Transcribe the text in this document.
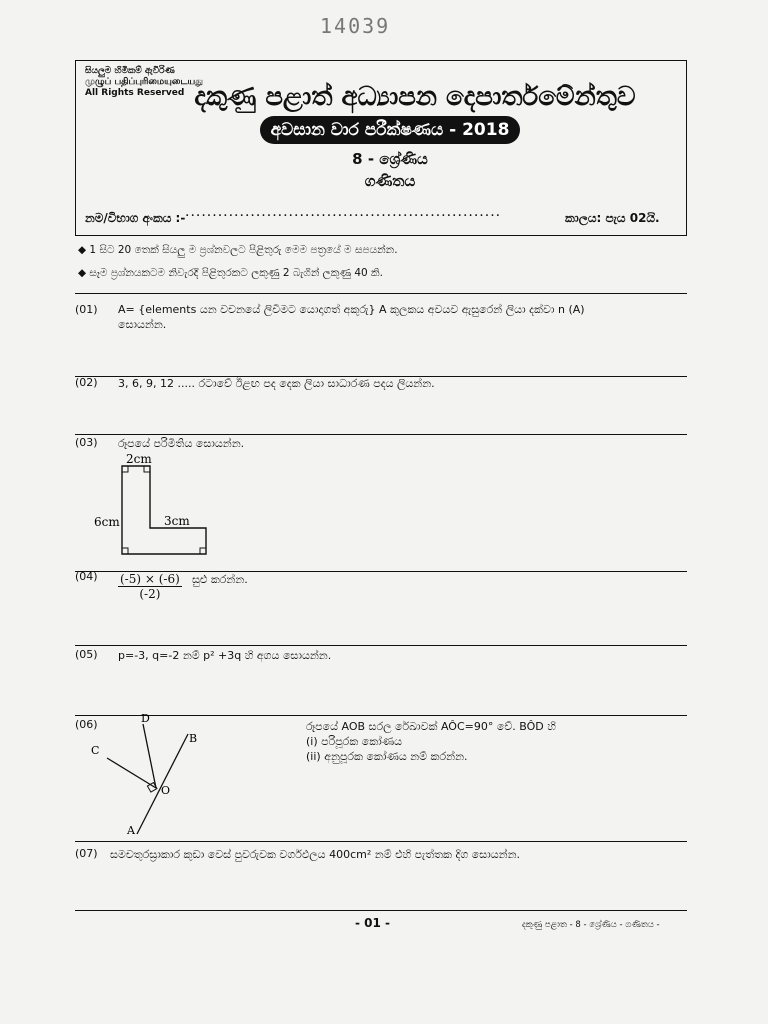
14039
සියලුම හිමිකම් ඇවිරිණ
முழுப் பதிப்புரிமையுடையது
All Rights Reserved දකුණු පළාත් අධ්‍යාපන දෙපාර්තමේන්තුව
අවසාන වාර පරීක්ෂණය - 2018
8 - ශ්‍රේණිය
ගණිතය
නම/විභාග අංකය :- ..........................................................	කාලය: පැය 02යි.
◆ 1 සිට 20 තෙක් සියලු ම ප්‍රශ්නවලට පිළිතුරු මෙම පත්‍රයේ ම සපයන්න.
◆ සෑම ප්‍රශ්නයකටම නිවැරදි පිළිතුරකට ලකුණු 2 බැගින් ලකුණු 40 කි.
(01) A= {elements යන වචනයේ ලිවීමට යොදාගත් අකුරු} A කුලකය අවයව ඇසුරෙන් ලියා දක්වා n (A)
සොයන්න.
(02) 3, 6, 9, 12 ..... රටාවේ ඊළඟ පද දෙක ලියා සාධාරණ පදය ලියන්න.
(03) රූපයේ පරිමිතිය සොයන්න.
2cm
6cm	3cm
$(04) \frac{(-5) \times (-6)}{(-2)}$ සුළු කරන්න.
(05) p=-3, q=-2 නම් p² +3q හි අගය සොයන්න.
(06)
A
B
C
D
O
රූපයේ AOB සරල රේඛාවක් AÔC=90° වේ. BÔD හි
(i) පරිපූරක කෝණය
(ii) අනුපූරක කෝණය නම් කරන්න.
(07) සමචතුරස්‍රාකාර කුඩා වෙස් පුවරුවක වර්ගඵලය 400cm² නම් එහි පැත්තක දිග සොයන්න.
- 01 -	දකුණු පළාත - 8 - ශ්‍රේණිය - ගණිතය -
